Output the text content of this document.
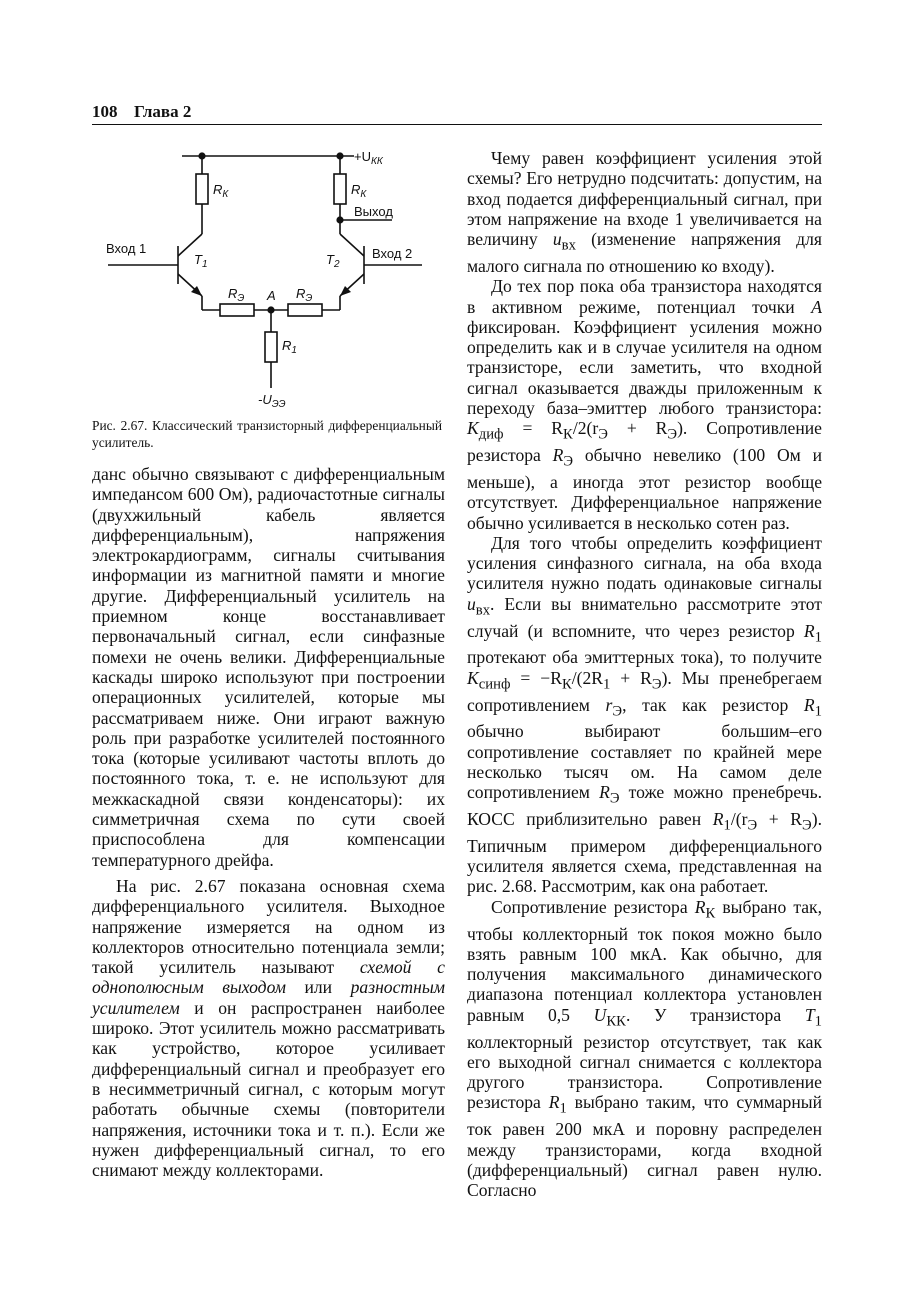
108 Глава 2
$+U_{КК}$
$R_К$	$R_К$
Выход
Вход 1	Вход 2
$T_1$	$T_2$
$R_Э$ A $R_Э$
$R_1$
$-U_{ЭЭ}$
Рис. 2.67. Классический транзисторный дифференциальный усилитель.

данс обычно связывают с дифференциальным импедансом 600 Ом), радиочастотные сигналы (двухжильный кабель является дифференциальным), напряжения электрокардиограмм, сигналы считывания информации из магнитной памяти и многие другие. Дифференциальный усилитель на приемном конце восстанавливает первоначальный сигнал, если синфазные помехи не очень велики. Дифференциальные каскады широко используют при построении операционных усилителей, которые мы рассматриваем ниже. Они играют важную роль при разработке усилителей постоянного тока (которые усиливают частоты вплоть до постоянного тока, т. е. не используют для межкаскадной связи конденсаторы): их симметричная схема по сути своей приспособлена для компенсации температурного дрейфа.

На рис. 2.67 показана основная схема дифференциального усилителя. Выходное напряжение измеряется на одном из коллекторов относительно потенциала земли; такой усилитель называют схемой с однополюсным выходом или разностным усилителем и он распространен наиболее широко. Этот усилитель можно рассматривать как устройство, которое усиливает дифференциальный сигнал и преобразует его в несимметричный сигнал, с которым могут работать обычные схемы (повторители напряжения, источники тока и т. п.). Если же нужен дифференциальный сигнал, то его снимают между коллекторами.

Чему равен коэффициент усиления этой схемы? Его нетрудно подсчитать: допустим, на вход подается дифференциальный сигнал, при этом напряжение на входе 1 увеличивается на величину $u_{вх}$ (изменение напряжения для малого сигнала по отношению ко входу).

До тех пор пока оба транзистора находятся в активном режиме, потенциал точки A фиксирован. Коэффициент усиления можно определить как и в случае усилителя на одном транзисторе, если заметить, что входной сигнал оказывается дважды приложенным к переходу база–эмиттер любого транзистора: $K_{диф} = R_К/2(r_Э + R_Э)$. Сопротивление резистора $R_Э$ обычно невелико (100 Ом и меньше), а иногда этот резистор вообще отсутствует. Дифференциальное напряжение обычно усиливается в несколько сотен раз.

Для того чтобы определить коэффициент усиления синфазного сигнала, на оба входа усилителя нужно подать одинаковые сигналы $u_{вх}$. Если вы внимательно рассмотрите этот случай (и вспомните, что через резистор $R_1$ протекают оба эмиттерных тока), то получите $K_{синф} = -R_К/(2R_1 + R_Э)$. Мы пренебрегаем сопротивлением $r_Э$, так как резистор $R_1$ обычно выбирают большим–его сопротивление составляет по крайней мере несколько тысяч ом. На самом деле сопротивлением $R_Э$ тоже можно пренебречь. КОСС приблизительно равен $R_1/(r_Э + R_Э)$. Типичным примером дифференциального усилителя является схема, представленная на рис. 2.68. Рассмотрим, как она работает.

Сопротивление резистора $R_К$ выбрано так, чтобы коллекторный ток покоя можно было взять равным 100 мкА. Как обычно, для получения максимального динамического диапазона потенциал коллектора установлен равным 0,5 $U_{КК}$. У транзистора $T_1$ коллекторный резистор отсутствует, так как его выходной сигнал снимается с коллектора другого транзистора. Сопротивление резистора $R_1$ выбрано таким, что суммарный ток равен 200 мкА и поровну распределен между транзисторами, когда входной (дифференциальный) сигнал равен нулю. Согласно
